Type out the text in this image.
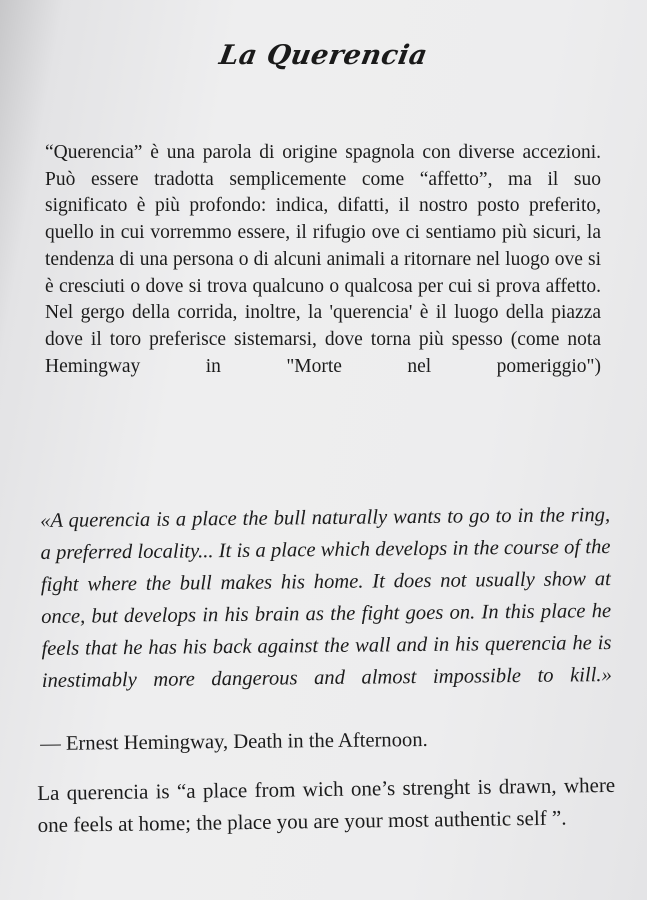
La Querencia
“Querencia” è una parola di origine spagnola con diverse accezioni. Può essere tradotta semplicemente come “affetto”, ma il suo significato è più profondo: indica, difatti, il nostro posto preferito, quello in cui vorremmo essere, il rifugio ove ci sentiamo più sicuri, la tendenza di una persona o di alcuni animali a ritornare nel luogo ove si è cresciuti o dove si trova qualcuno o qualcosa per cui si prova affetto. Nel gergo della corrida, inoltre, la 'querencia' è il luogo della piazza dove il toro preferisce sistemarsi, dove torna più spesso (come nota Hemingway in "Morte nel pomeriggio")
«A querencia is a place the bull naturally wants to go to in the ring, a preferred locality... It is a place which develops in the course of the fight where the bull makes his home. It does not usually show at once, but develops in his brain as the fight goes on. In this place he feels that he has his back against the wall and in his querencia he is inestimably more dangerous and almost impossible to kill.»
— Ernest Hemingway, Death in the Afternoon.
La querencia is “a place from wich one’s strenght is drawn, where one feels at home; the place you are your most authentic self ”.
